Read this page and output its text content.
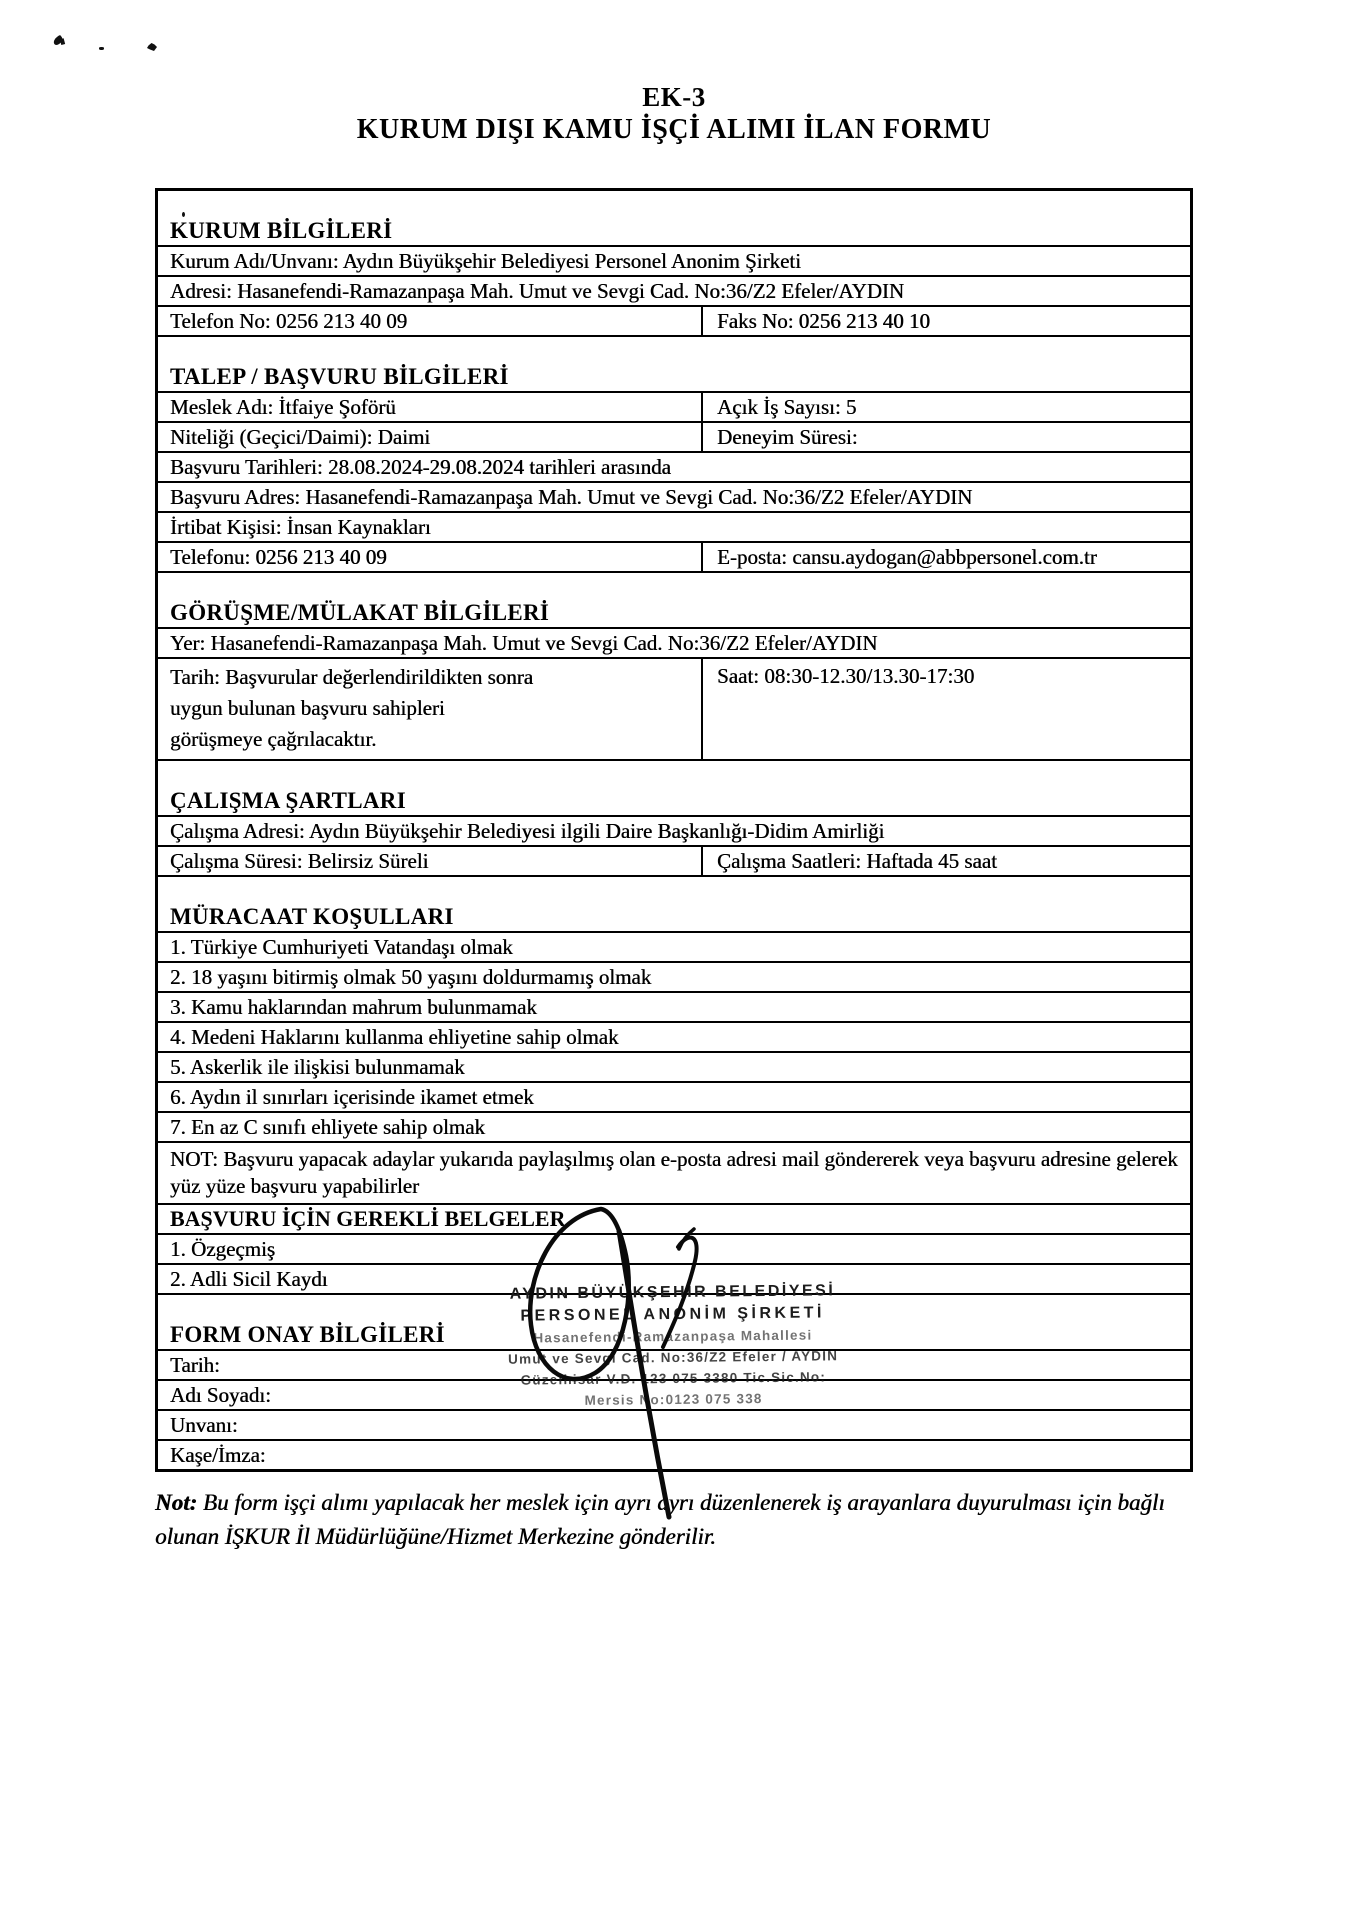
EK-3
KURUM DIŞI KAMU İŞÇİ ALIMI İLAN FORMU
KURUM BİLGİLERİ
Kurum Adı/Unvanı: Aydın Büyükşehir Belediyesi Personel Anonim Şirketi
Adresi: Hasanefendi-Ramazanpaşa Mah. Umut ve Sevgi Cad. No:36/Z2 Efeler/AYDIN
Telefon No: 0256 213 40 09	Faks No: 0256 213 40 10
TALEP / BAŞVURU BİLGİLERİ
Meslek Adı: İtfaiye Şoförü	Açık İş Sayısı: 5
Niteliği (Geçici/Daimi): Daimi	Deneyim Süresi:
Başvuru Tarihleri: 28.08.2024-29.08.2024 tarihleri arasında
Başvuru Adres: Hasanefendi-Ramazanpaşa Mah. Umut ve Sevgi Cad. No:36/Z2 Efeler/AYDIN
İrtibat Kişisi: İnsan Kaynakları
Telefonu: 0256 213 40 09	E-posta: cansu.aydogan@abbpersonel.com.tr
GÖRÜŞME/MÜLAKAT BİLGİLERİ
Yer: Hasanefendi-Ramazanpaşa Mah. Umut ve Sevgi Cad. No:36/Z2 Efeler/AYDIN
Tarih: Başvurular değerlendirildikten sonra
uygun bulunan başvuru sahipleri
görüşmeye çağrılacaktır.
Saat: 08:30-12.30/13.30-17:30
ÇALIŞMA ŞARTLARI
Çalışma Adresi: Aydın Büyükşehir Belediyesi ilgili Daire Başkanlığı-Didim Amirliği
Çalışma Süresi: Belirsiz Süreli	Çalışma Saatleri: Haftada 45 saat
MÜRACAAT KOŞULLARI
1. Türkiye Cumhuriyeti Vatandaşı olmak
2. 18 yaşını bitirmiş olmak 50 yaşını doldurmamış olmak
3. Kamu haklarından mahrum bulunmamak
4. Medeni Haklarını kullanma ehliyetine sahip olmak
5. Askerlik ile ilişkisi bulunmamak
6. Aydın il sınırları içerisinde ikamet etmek
7. En az C sınıfı ehliyete sahip olmak
NOT: Başvuru yapacak adaylar yukarıda paylaşılmış olan e-posta adresi mail göndererek veya başvuru adresine gelerek yüz yüze başvuru yapabilirler
BAŞVURU İÇİN GEREKLİ BELGELER
1. Özgeçmiş
2. Adli Sicil Kaydı
FORM ONAY BİLGİLERİ
Tarih:
Adı Soyadı:
Unvanı:
Kaşe/İmza:
AYDIN BÜYÜKŞEHİR BELEDİYESİ
PERSONEL ANONİM ŞİRKETİ
Hasanefendi-Ramazanpaşa Mahallesi
Umut ve Sevgi Cad. No:36/Z2 Efeler / AYDIN
Güzelhisar V.D. 123 075 3380 Tic.Sic.No:
Mersis No:0123 075 338
Not: Bu form işçi alımı yapılacak her meslek için ayrı ayrı düzenlenerek iş arayanlara duyurulması için bağlı olunan İŞKUR İl Müdürlüğüne/Hizmet Merkezine gönderilir.
